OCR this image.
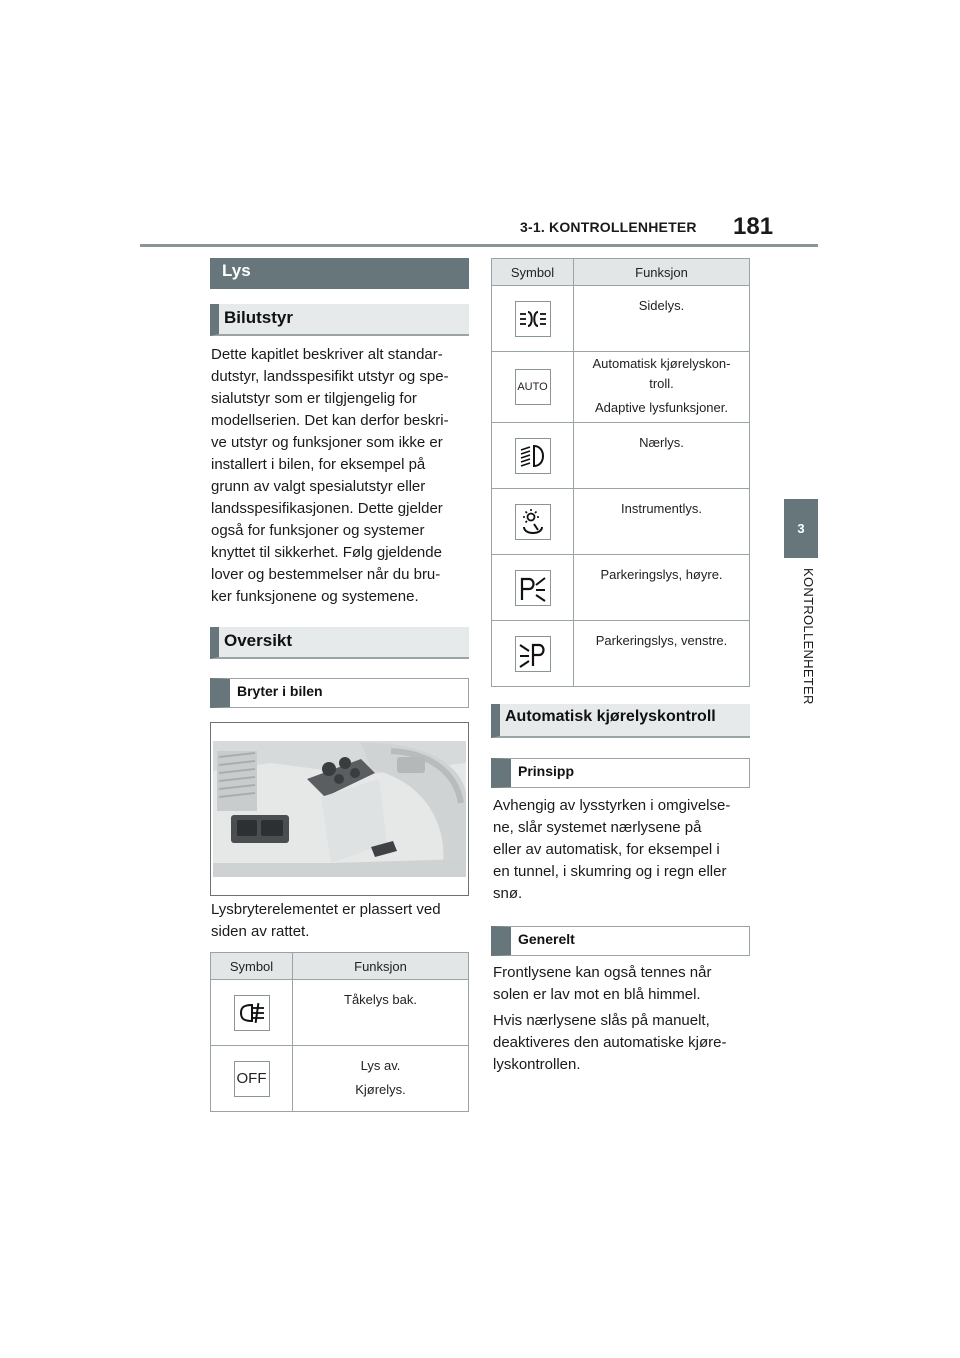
3-1. KONTROLLENHETER 181
3
KONTROLLENHETER
Lys
Bilutstyr

Dette kapitlet beskriver alt standar-

dutstyr, landsspesifikt utstyr og spe-

sialutstyr som er tilgjengelig for

modellserien. Det kan derfor beskri-

ve utstyr og funksjoner som ikke er

installert i bilen, for eksempel på

grunn av valgt spesialutstyr eller

landsspesifikasjonen. Dette gjelder

også for funksjoner og systemer

knyttet til sikkerhet. Følg gjeldende

lover og bestemmelser når du bru-

ker funksjonene og systemene.

Oversikt
Bryter i bilen

Lysbryterelementet er plassert ved

siden av rattet.

Symbol	Funksjon

Tåkelys bak.

OFF	Lys av.
Kjørelys.
Symbol	Funksjon

Sidelys.

AUTO	Automatisk kjørelyskon-
troll.
Adaptive lysfunksjoner.

Nærlys.

Instrumentlys.

Parkeringslys, høyre.

Parkeringslys, venstre.
Automatisk kjørelyskontroll
Prinsipp

Avhengig av lysstyrken i omgivelse-

ne, slår systemet nærlysene på

eller av automatisk, for eksempel i

en tunnel, i skumring og i regn eller

snø.

Generelt

Frontlysene kan også tennes når

solen er lav mot en blå himmel.

Hvis nærlysene slås på manuelt,

deaktiveres den automatiske kjøre-

lyskontrollen.
